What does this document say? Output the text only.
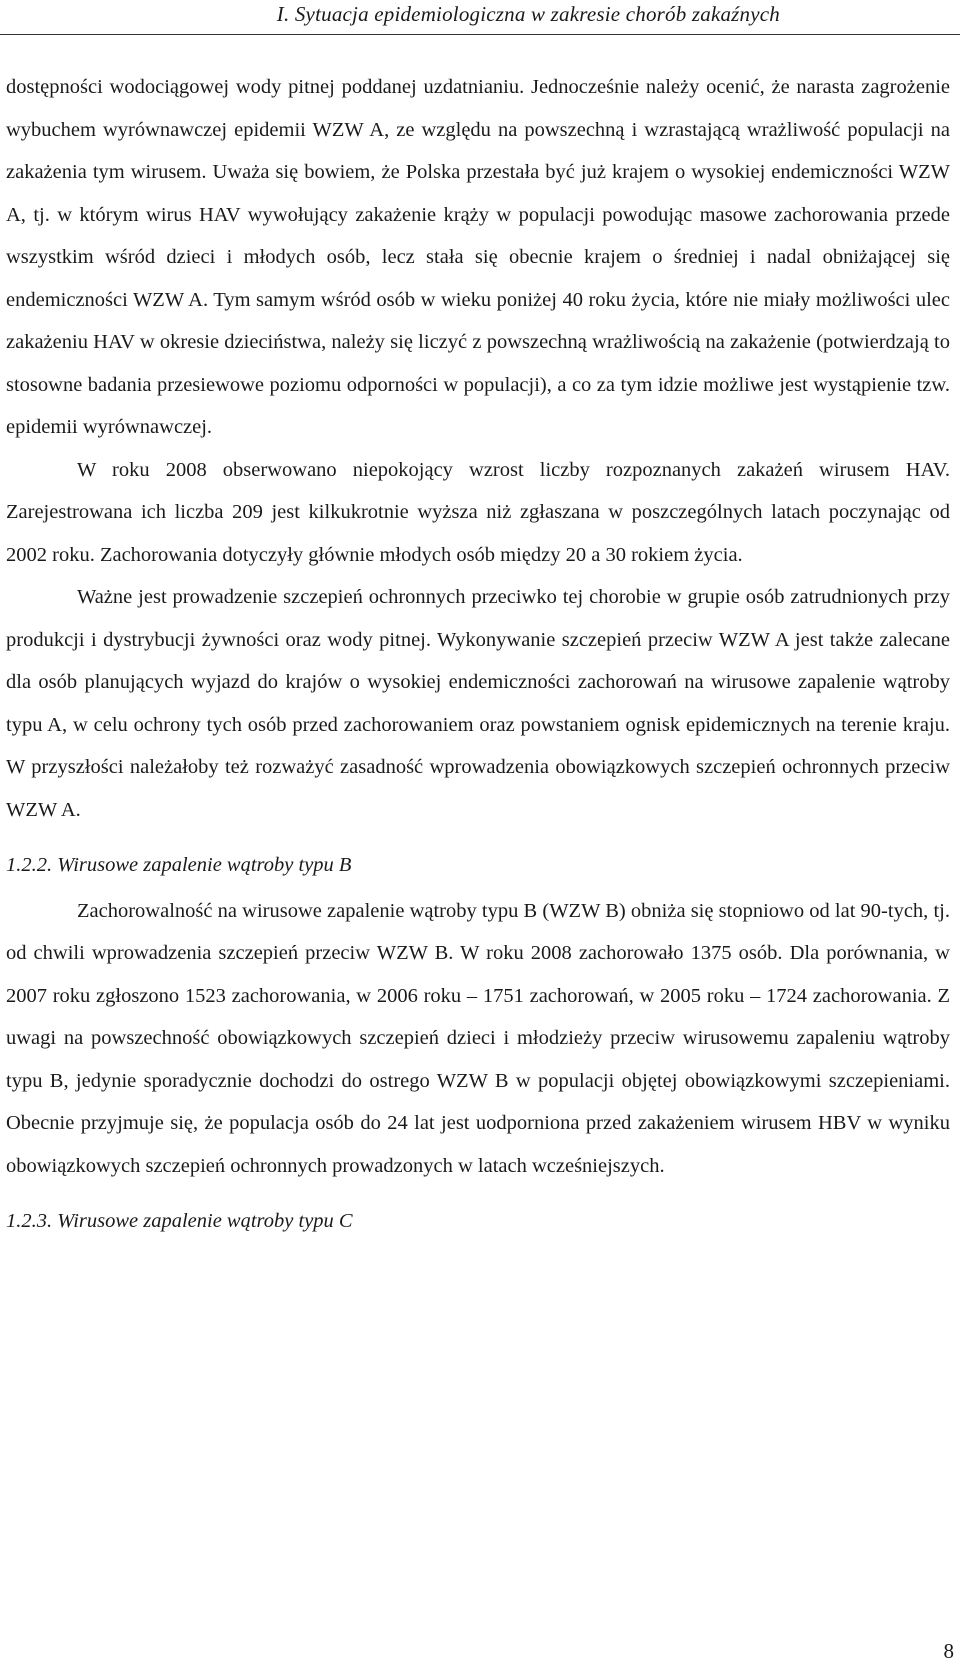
I. Sytuacja epidemiologiczna w zakresie chorób zakaźnych

dostępności wodociągowej wody pitnej poddanej uzdatnianiu. Jednocześnie należy ocenić, że narasta zagrożenie wybuchem wyrównawczej epidemii WZW A, ze względu na powszechną i wzrastającą wrażliwość populacji na zakażenia tym wirusem. Uważa się bowiem, że Polska przestała być już krajem o wysokiej endemiczności WZW A, tj. w którym wirus HAV wywołujący zakażenie krąży w populacji powodując masowe zachorowania przede wszystkim wśród dzieci i młodych osób, lecz stała się obecnie krajem o średniej i nadal obniżającej się endemiczności WZW A. Tym samym wśród osób w wieku poniżej 40 roku życia, które nie miały możliwości ulec zakażeniu HAV w okresie dzieciństwa, należy się liczyć z powszechną wrażliwością na zakażenie (potwierdzają to stosowne badania przesiewowe poziomu odporności w populacji), a co za tym idzie możliwe jest wystąpienie tzw. epidemii wyrównawczej.

W roku 2008 obserwowano niepokojący wzrost liczby rozpoznanych zakażeń wirusem HAV. Zarejestrowana ich liczba 209 jest kilkukrotnie wyższa niż zgłaszana w poszczególnych latach poczynając od 2002 roku. Zachorowania dotyczyły głównie młodych osób między 20 a 30 rokiem życia.

Ważne jest prowadzenie szczepień ochronnych przeciwko tej chorobie w grupie osób zatrudnionych przy produkcji i dystrybucji żywności oraz wody pitnej. Wykonywanie szczepień przeciw WZW A jest także zalecane dla osób planujących wyjazd do krajów o wysokiej endemiczności zachorowań na wirusowe zapalenie wątroby typu A, w celu ochrony tych osób przed zachorowaniem oraz powstaniem ognisk epidemicznych na terenie kraju. W przyszłości należałoby też rozważyć zasadność wprowadzenia obowiązkowych szczepień ochronnych przeciw WZW A.

1.2.2. Wirusowe zapalenie wątroby typu B

Zachorowalność na wirusowe zapalenie wątroby typu B (WZW B) obniża się stopniowo od lat 90-tych, tj. od chwili wprowadzenia szczepień przeciw WZW B. W roku 2008 zachorowało 1375 osób. Dla porównania, w 2007 roku zgłoszono 1523 zachorowania, w 2006 roku – 1751 zachorowań, w 2005 roku – 1724 zachorowania. Z uwagi na powszechność obowiązkowych szczepień dzieci i młodzieży przeciw wirusowemu zapaleniu wątroby typu B, jedynie sporadycznie dochodzi do ostrego WZW B w populacji objętej obowiązkowymi szczepieniami. Obecnie przyjmuje się, że populacja osób do 24 lat jest uodporniona przed zakażeniem wirusem HBV w wyniku obowiązkowych szczepień ochronnych prowadzonych w latach wcześniejszych.

1.2.3. Wirusowe zapalenie wątroby typu C

8
